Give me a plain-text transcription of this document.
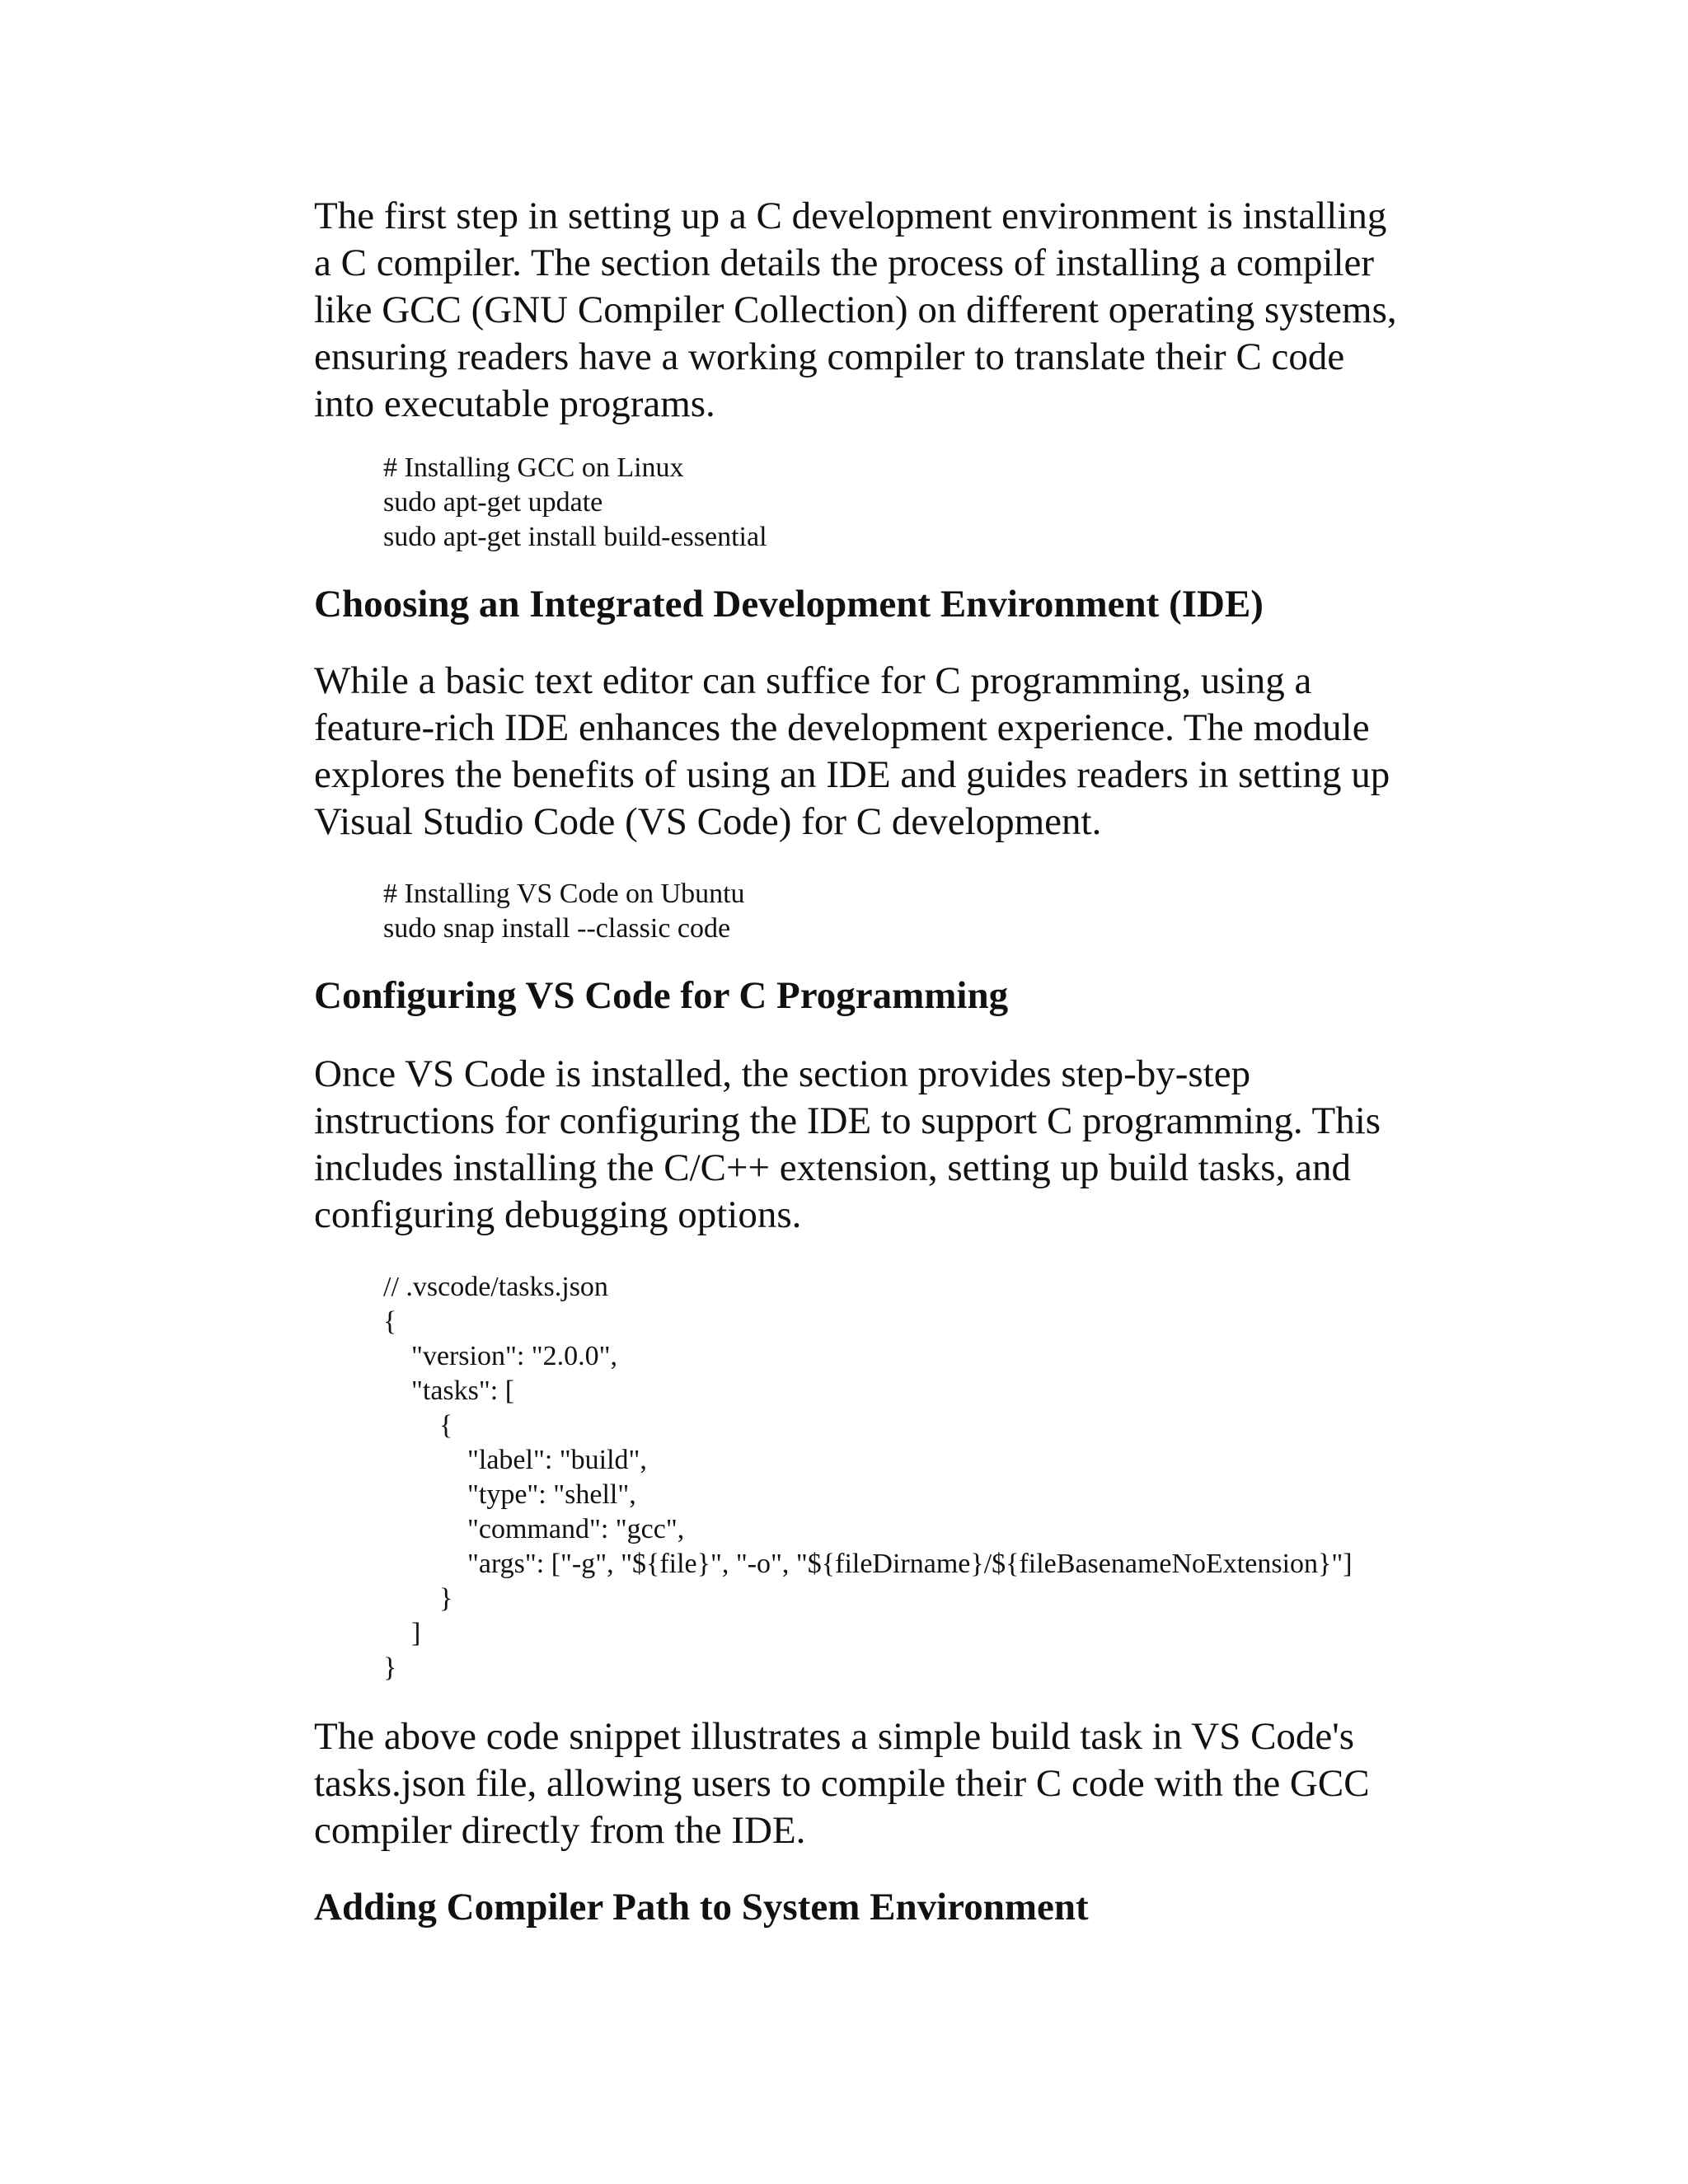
The first step in setting up a C development environment is installing
a C compiler. The section details the process of installing a compiler
like GCC (GNU Compiler Collection) on different operating systems,
ensuring readers have a working compiler to translate their C code
into executable programs.

# Installing GCC on Linux
sudo apt-get update
sudo apt-get install build-essential
Choosing an Integrated Development Environment (IDE)

While a basic text editor can suffice for C programming, using a
feature-rich IDE enhances the development experience. The module
explores the benefits of using an IDE and guides readers in setting up
Visual Studio Code (VS Code) for C development.

# Installing VS Code on Ubuntu
sudo snap install --classic code
Configuring VS Code for C Programming

Once VS Code is installed, the section provides step-by-step
instructions for configuring the IDE to support C programming. This
includes installing the C/C++ extension, setting up build tasks, and
configuring debugging options.

// .vscode/tasks.json
{
"version": "2.0.0",
"tasks": [
{
"label": "build",
"type": "shell",
"command": "gcc",
"args": ["-g", "${file}", "-o", "${fileDirname}/${fileBasenameNoExtension}"]
}
]
}

The above code snippet illustrates a simple build task in VS Code's
tasks.json file, allowing users to compile their C code with the GCC
compiler directly from the IDE.

Adding Compiler Path to System Environment
